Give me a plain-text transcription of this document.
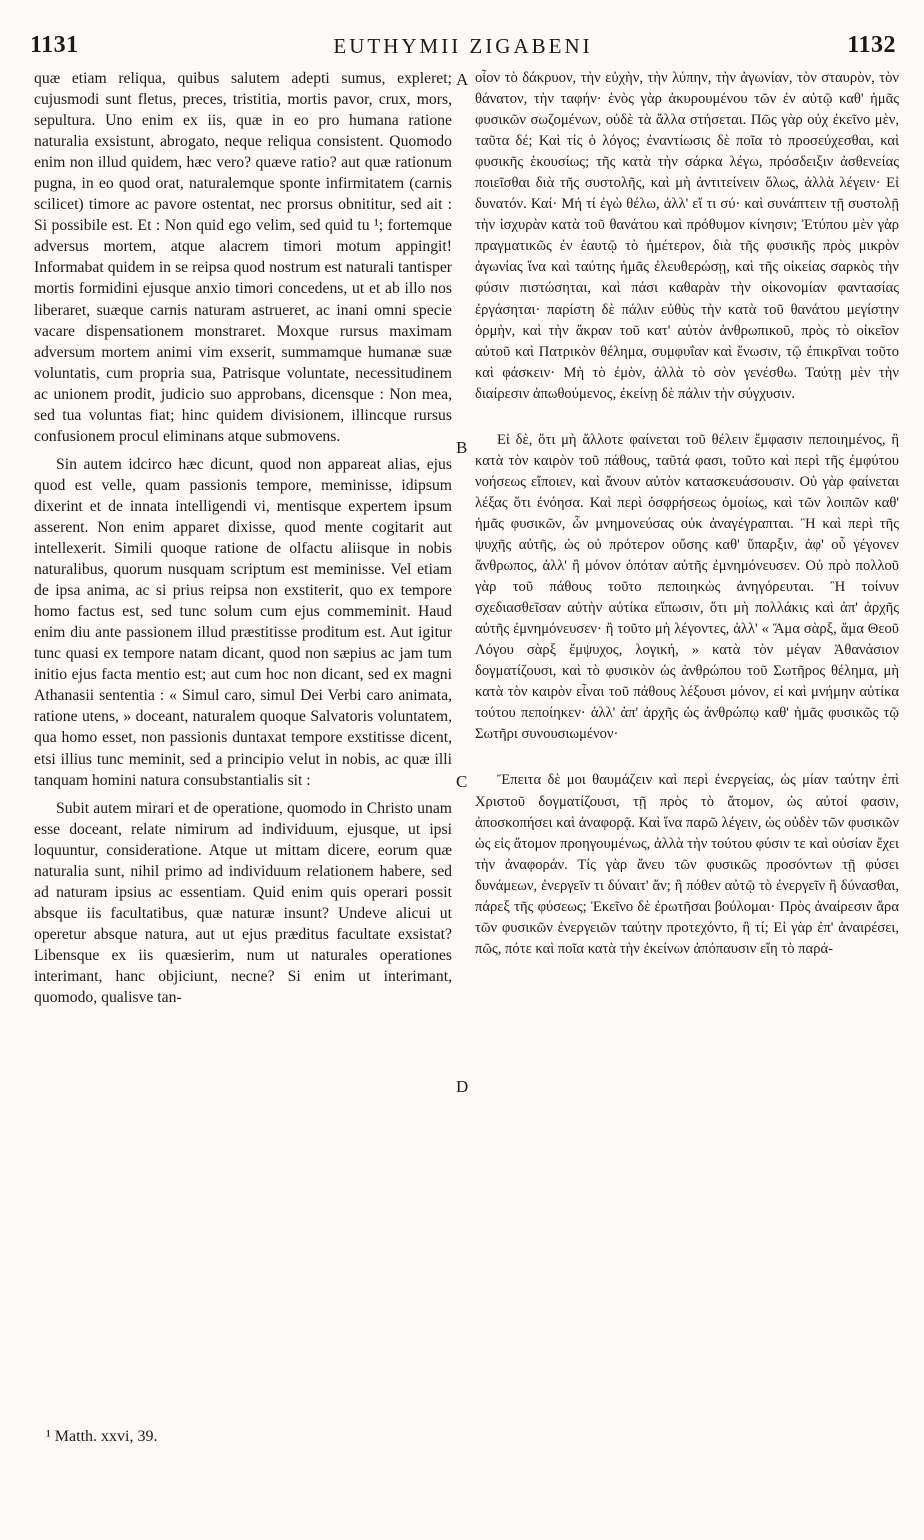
1131	EUTHYMII ZIGABENI	1132

quæ etiam reliqua, quibus salutem adepti sumus, expleret; cujusmodi sunt fletus, preces, tristitia, mortis pavor, crux, mors, sepultura. Uno enim ex iis, quæ in eo pro humana ratione naturalia exsistunt, abrogato, neque reliqua consistent. Quomodo enim non illud quidem, hæc vero? quæve ratio? aut quæ rationum pugna, in eo quod orat, naturalemque sponte infirmitatem (carnis scilicet) timore ac pavore ostentat, nec prorsus obnititur, sed ait : Si possibile est. Et : Non quid ego velim, sed quid tu ¹; fortemque adversus mortem, atque alacrem timori motum appingit! Informabat quidem in se reipsa quod nostrum est naturali tantisper mortis formidini ejusque anxio timori concedens, ut et ab illo nos liberaret, suæque carnis naturam astrueret, ac inani omni specie vacare dispensationem monstraret. Moxque rursus maximam adversum mortem animi vim exserit, summamque humanæ suæ voluntatis, cum propria sua, Patrisque voluntate, necessitudinem ac unionem prodit, judicio suo approbans, dicensque : Non mea, sed tua voluntas fiat; hinc quidem divisionem, illincque rursus confusionem procul eliminans atque submovens.

Sin autem idcirco hæc dicunt, quod non appareat alias, ejus quod est velle, quam passionis tempore, meminisse, idipsum dixerint et de innata intelligendi vi, mentisque expertem ipsum asserent. Non enim apparet dixisse, quod mente cogitarit aut intellexerit. Simili quoque ratione de olfactu aliisque in nobis naturalibus, quorum nusquam scriptum est meminisse. Vel etiam de ipsa anima, ac si prius reipsa non exstiterit, quo ex tempore homo factus est, sed tunc solum cum ejus commeminit. Haud enim diu ante passionem illud præstitisse proditum est. Aut igitur tunc quasi ex tempore natam dicant, quod non sæpius ac jam tum initio ejus facta mentio est; aut cum hoc non dicant, sed ex magni Athanasii sententia : « Simul caro, simul Dei Verbi caro animata, ratione utens, » doceant, naturalem quoque Salvatoris voluntatem, qua homo esset, non passionis duntaxat tempore exstitisse dicent, etsi illius tunc meminit, sed a principio velut in nobis, ac quæ illi tanquam homini natura consubstantialis sit :

Subit autem mirari et de operatione, quomodo in Christo unam esse doceant, relate nimirum ad individuum, ejusque, ut ipsi loquuntur, consideratione. Atque ut mittam dicere, eorum quæ naturalia sunt, nihil primo ad individuum relationem habere, sed ad naturam ipsius ac essentiam. Quid enim quis operari possit absque iis facultatibus, quæ naturæ insunt? Undeve alicui ut operetur absque natura, aut ut ejus præditus facultate exsistat? Libensque ex iis quæsierim, num ut naturales operationes interimant, hanc objiciunt, necne? Si enim ut interimant, quomodo, qualisve tan-

οἷον τὸ δάκρυον, τὴν εὐχὴν, τὴν λύπην, τὴν ἀγωνίαν, τὸν σταυρὸν, τὸν θάνατον, τὴν ταφήν· ἑνὸς γὰρ ἀκυρουμένου τῶν ἐν αὐτῷ καθ' ἡμᾶς φυσικῶν σωζομένων, οὐδὲ τὰ ἄλλα στήσεται. Πῶς γὰρ οὐχ ἐκεῖνο μὲν, ταῦτα δέ; Καὶ τίς ὁ λόγος; ἐναντίωσις δὲ ποῖα τὸ προσεύχεσθαι, καὶ φυσικῆς ἑκουσίως; τῆς κατὰ τὴν σάρκα λέγω, πρόσδειξιν ἀσθενείας ποιεῖσθαι διὰ τῆς συστολῆς, καὶ μὴ ἀντιτείνειν ὅλως, ἀλλὰ λέγειν· Εἰ δυνατόν. Καί· Μή τί ἐγὼ θέλω, ἀλλ' εἴ τι σύ· καὶ συνάπτειν τῇ συστολῇ τὴν ἰσχυρὰν κατὰ τοῦ θανάτου καὶ πρόθυμον κίνησιν; Ἐτύπου μὲν γὰρ πραγματικῶς ἐν ἑαυτῷ τὸ ἡμέτερον, διὰ τῆς φυσικῆς πρὸς μικρὸν ἀγωνίας ἵνα καὶ ταύτης ἡμᾶς ἐλευθερώσῃ, καὶ τῆς οἰκείας σαρκὸς τὴν φύσιν πιστώσηται, καὶ πάσι καθαρὰν τὴν οἰκονομίαν φαντασίας ἐργάσηται· παρίστη δὲ πάλιν εὐθὺς τὴν κατὰ τοῦ θανάτου μεγίστην ὁρμὴν, καὶ τὴν ἄκραν τοῦ κατ' αὐτὸν ἀνθρωπικοῦ, πρὸς τὸ οἰκεῖον αὐτοῦ καὶ Πατρικὸν θέλημα, συμφυΐαν καὶ ἕνωσιν, τῷ ἐπικρῖναι τοῦτο καὶ φάσκειν· Μὴ τὸ ἐμὸν, ἀλλὰ τὸ σὸν γενέσθω. Ταύτῃ μὲν τὴν διαίρεσιν ἀπωθούμενος, ἐκείνῃ δὲ πάλιν τὴν σύγχυσιν.

Εἰ δὲ, ὅτι μὴ ἄλλοτε φαίνεται τοῦ θέλειν ἔμφασιν πεποιημένος, ἢ κατὰ τὸν καιρὸν τοῦ πάθους, ταῦτά φασι, τοῦτο καὶ περὶ τῆς ἐμφύτου νοήσεως εἴποιεν, καὶ ἄνουν αὐτὸν κατασκευάσουσιν. Οὐ γὰρ φαίνεται λέξας ὅτι ἐνόησα. Καὶ περὶ ὀσφρήσεως ὁμοίως, καὶ τῶν λοιπῶν καθ' ἡμᾶς φυσικῶν, ὧν μνημονεύσας οὐκ ἀναγέγραπται. Ἢ καὶ περὶ τῆς ψυχῆς αὐτῆς, ὡς οὐ πρότερον οὔσης καθ' ὕπαρξιν, ἀφ' οὗ γέγονεν ἄνθρωπος, ἀλλ' ἢ μόνον ὁπόταν αὐτῆς ἐμνημόνευσεν. Οὐ πρὸ πολλοῦ γὰρ τοῦ πάθους τοῦτο πεποιηκὼς ἀνηγόρευται. Ἢ τοίνυν σχεδιασθεῖσαν αὐτὴν αὐτίκα εἴπωσιν, ὅτι μὴ πολλάκις καὶ ἀπ' ἀρχῆς αὐτῆς ἐμνημόνευσεν· ἢ τοῦτο μὴ λέγοντες, ἀλλ' « Ἅμα σὰρξ, ἅμα Θεοῦ Λόγου σὰρξ ἔμψυχος, λογική, » κατὰ τὸν μέγαν Ἀθανάσιον δογματίζουσι, καὶ τὸ φυσικὸν ὡς ἀνθρώπου τοῦ Σωτῆρος θέλημα, μὴ κατὰ τὸν καιρὸν εἶναι τοῦ πάθους λέξουσι μόνον, εἰ καὶ μνήμην αὐτίκα τούτου πεποίηκεν· ἀλλ' ἀπ' ἀρχῆς ὡς ἀνθρώπῳ καθ' ἡμᾶς φυσικῶς τῷ Σωτῆρι συνουσιωμένον·

Ἔπειτα δὲ μοι θαυμάζειν καὶ περὶ ἐνεργείας, ὡς μίαν ταύτην ἐπὶ Χριστοῦ δογματίζουσι, τῇ πρὸς τὸ ἄτομον, ὡς αὐτοί φασιν, ἀποσκοπήσει καὶ ἀναφορᾷ. Καὶ ἵνα παρῶ λέγειν, ὡς οὐδὲν τῶν φυσικῶν ὡς εἰς ἄτομον προηγουμένως, ἀλλὰ τὴν τούτου φύσιν τε καὶ οὐσίαν ἔχει τὴν ἀναφοράν. Τίς γὰρ ἄνευ τῶν φυσικῶς προσόντων τῇ φύσει δυνάμεων, ἐνεργεῖν τι δύναιτ' ἄν; ἢ πόθεν αὐτῷ τὸ ἐνεργεῖν ἢ δύνασθαι, πάρεξ τῆς φύσεως; Ἐκεῖνο δὲ ἐρωτῆσαι βούλομαι· Πρὸς ἀναίρεσιν ἄρα τῶν φυσικῶν ἐνεργειῶν ταύτην προτεχόντο, ἢ τί; Εἰ γὰρ ἐπ' ἀναιρέσει, πῶς, πότε καὶ ποῖα κατὰ τὴν ἐκείνων ἀπόπαυσιν εἴη τὸ παρά-

A
B
C
D
¹ Matth. xxvi, 39.
